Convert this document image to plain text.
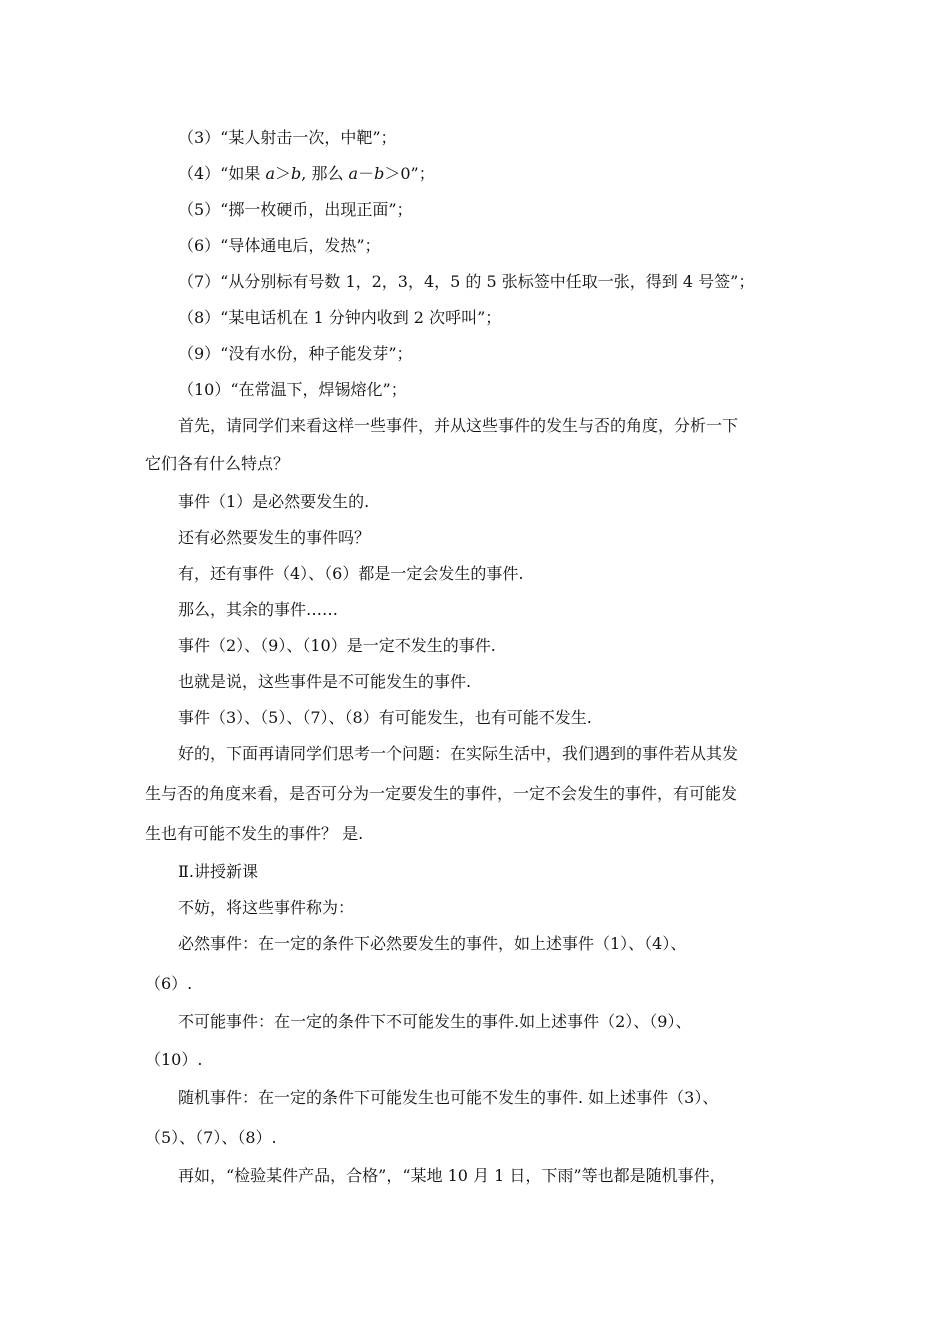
（3）“某人射击一次，中靶”；
（4）“如果 a＞b, 那么 a－b＞0”；
（5）“掷一枚硬币，出现正面”；
（6）“导体通电后，发热”；
（7）“从分别标有号数 1，2，3，4，5 的 5 张标签中任取一张，得到 4 号签”；
（8）“某电话机在 1 分钟内收到 2 次呼叫”；
（9）“没有水份，种子能发芽”；
（10）“在常温下，焊锡熔化”；
首先，请同学们来看这样一些事件，并从这些事件的发生与否的角度，分析一下
它们各有什么特点？
事件（1）是必然要发生的.
还有必然要发生的事件吗？
有，还有事件（4）、（6）都是一定会发生的事件.
那么，其余的事件……
事件（2）、（9）、（10）是一定不发生的事件.
也就是说，这些事件是不可能发生的事件.
事件（3）、（5）、（7）、（8）有可能发生，也有可能不发生.
好的，下面再请同学们思考一个问题：在实际生活中，我们遇到的事件若从其发
生与否的角度来看，是否可分为一定要发生的事件，一定不会发生的事件，有可能发
生也有可能不发生的事件？ 是.
Ⅱ.讲授新课
不妨，将这些事件称为：
必然事件：在一定的条件下必然要发生的事件，如上述事件（1）、（4）、
（6）.
不可能事件：在一定的条件下不可能发生的事件.如上述事件（2）、（9）、
（10）.
随机事件：在一定的条件下可能发生也可能不发生的事件. 如上述事件（3）、
（5）、（7）、（8）.
再如，“检验某件产品，合格”，“某地 10 月 1 日，下雨”等也都是随机事件，
